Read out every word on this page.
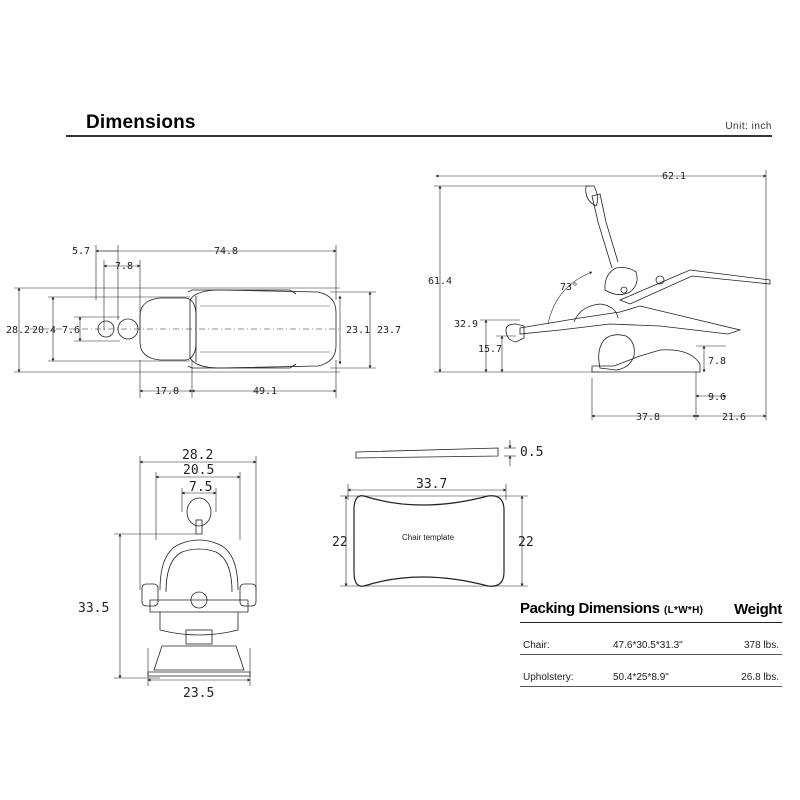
Dimensions	Unit: inch
5.7	74.8
7.8
28.2 20.4 7.6	23.1 23.7
17.0	49.1
62.1
61.4
73°
32.9
15.7
7.8
9.6
37.8	21.6
28.2
20.5
7.5
33.5
23.5
0.5
33.7
22	22
Chair template
Packing Dimensions (L*W*H) Weight
Chair:	47.6*30.5*31.3"	378 lbs.
Upholstery:	50.4*25*8.9"	26.8 lbs.
